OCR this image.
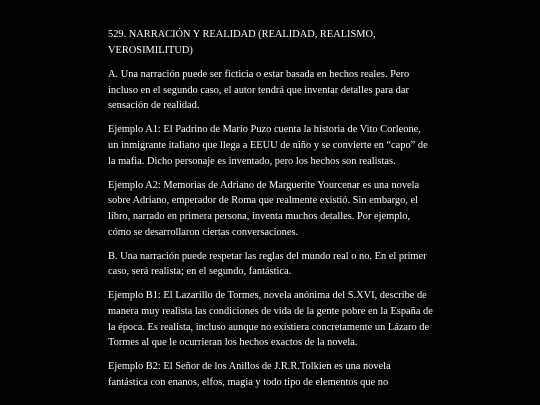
529. NARRACIÓN Y REALIDAD (REALIDAD, REALISMO, VEROSIMILITUD)

A. Una narración puede ser ficticia o estar basada en hechos reales. Pero incluso en el segundo caso, el autor tendrá que inventar detalles para dar sensación de realidad.

Ejemplo A1: El Padrino de Mario Puzo cuenta la historia de Vito Corleone, un inmigrante italiano que llega a EEUU de niño y se convierte en “capo” de la mafia. Dicho personaje es inventado, pero los hechos son realistas.

Ejemplo A2: Memorias de Adriano de Marguerite Yourcenar es una novela sobre Adriano, emperador de Roma que realmente existió. Sin embargo, el libro, narrado en primera persona, inventa muchos detalles. Por ejemplo, cómo se desarrollaron ciertas conversaciones.

B. Una narración puede respetar las reglas del mundo real o no. En el primer caso, será realista; en el segundo, fantástica.

Ejemplo B1: El Lazarillo de Tormes, novela anónima del S.XVI, describe de manera muy realista las condiciones de vida de la gente pobre en la España de la época. Es realista, incluso aunque no existiera concretamente un Lázaro de Tormes al que le ocurrieran los hechos exactos de la novela.

Ejemplo B2: El Señor de los Anillos de J.R.R.Tolkien es una novela fantástica con enanos, elfos, magia y todo tipo de elementos que no
